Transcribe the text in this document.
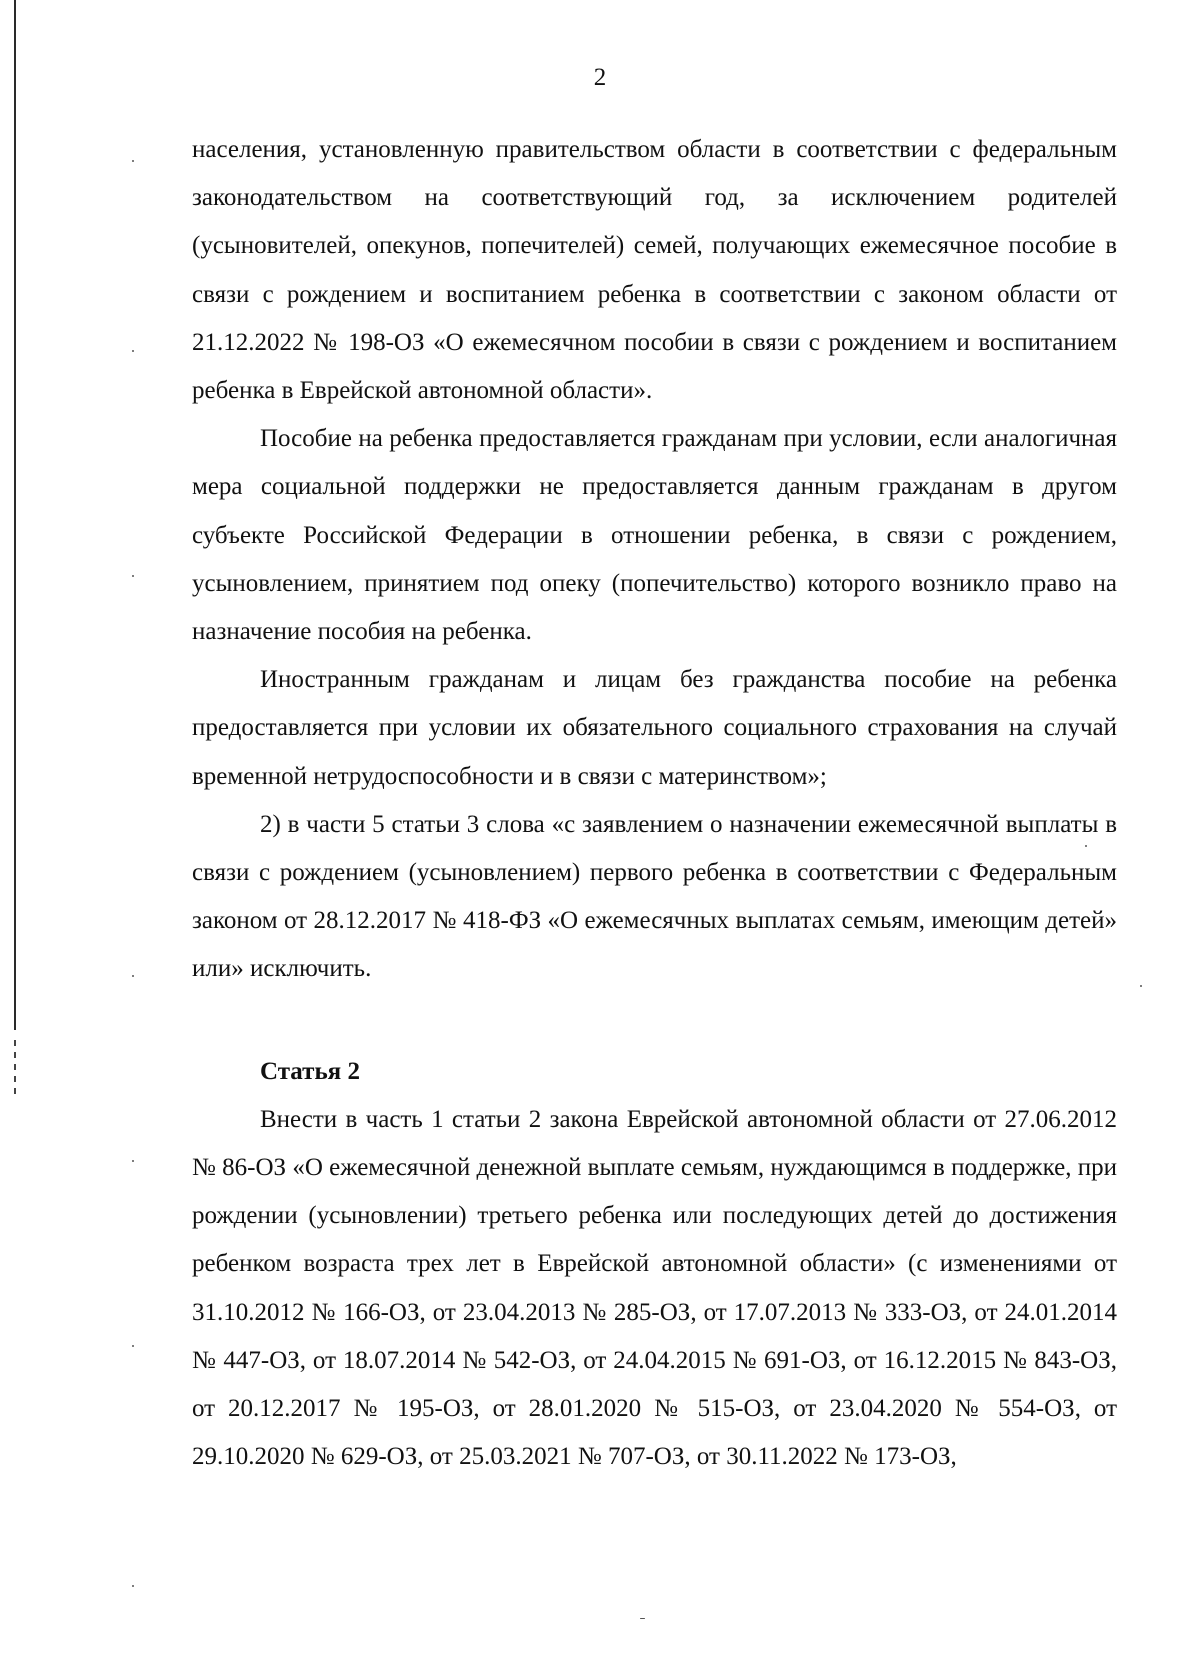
2

населения, установленную правительством области в соответствии с федеральным законодательством на соответствующий год, за исключением родителей (усыновителей, опекунов, попечителей) семей, получающих ежемесячное пособие в связи с рождением и воспитанием ребенка в соответствии с законом области от 21.12.2022 № 198-ОЗ «О ежемесячном пособии в связи с рождением и воспитанием ребенка в Еврейской автономной области».

Пособие на ребенка предоставляется гражданам при условии, если аналогичная мера социальной поддержки не предоставляется данным гражданам в другом субъекте Российской Федерации в отношении ребенка, в связи с рождением, усыновлением, принятием под опеку (попечительство) которого возникло право на назначение пособия на ребенка.

Иностранным гражданам и лицам без гражданства пособие на ребенка предоставляется при условии их обязательного социального страхования на случай временной нетрудоспособности и в связи с материнством»;

2) в части 5 статьи 3 слова «с заявлением о назначении ежемесячной выплаты в связи с рождением (усыновлением) первого ребенка в соответствии с Федеральным законом от 28.12.2017 № 418-ФЗ «О ежемесячных выплатах семьям, имеющим детей» или» исключить.

Статья 2

Внести в часть 1 статьи 2 закона Еврейской автономной области от 27.06.2012 № 86-ОЗ «О ежемесячной денежной выплате семьям, нуждающимся в поддержке, при рождении (усыновлении) третьего ребенка или последующих детей до достижения ребенком возраста трех лет в Еврейской автономной области» (с изменениями от 31.10.2012 № 166-ОЗ, от 23.04.2013 № 285-ОЗ, от 17.07.2013 № 333-ОЗ, от 24.01.2014 № 447-ОЗ, от 18.07.2014 № 542-ОЗ, от 24.04.2015 № 691-ОЗ, от 16.12.2015 № 843-ОЗ, от 20.12.2017 № 195-ОЗ, от 28.01.2020 № 515-ОЗ, от 23.04.2020 № 554-ОЗ, от 29.10.2020 № 629-ОЗ, от 25.03.2021 № 707-ОЗ, от 30.11.2022 № 173-ОЗ,
